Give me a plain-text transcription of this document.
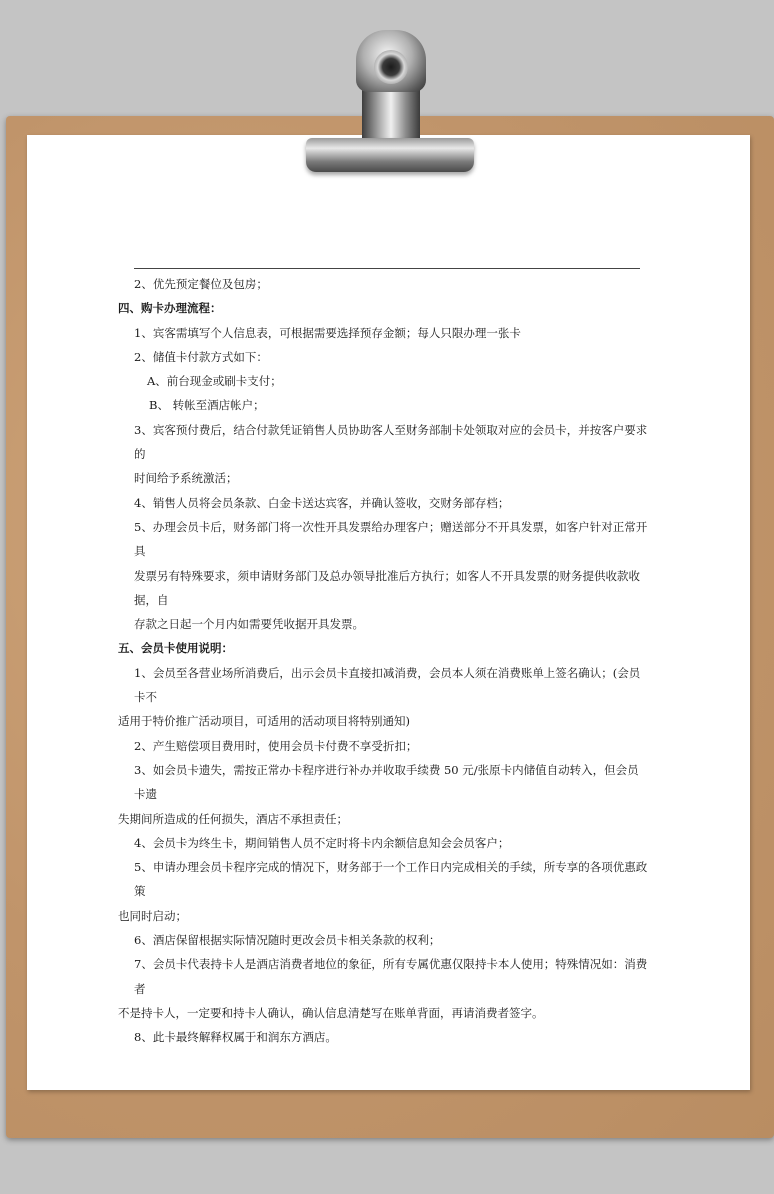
2、优先预定餐位及包房；

四、购卡办理流程：

1、宾客需填写个人信息表，可根据需要选择预存金额；每人只限办理一张卡

2、储值卡付款方式如下：

A、前台现金或刷卡支付；

B、 转帐至酒店帐户；

3、宾客预付费后，结合付款凭证销售人员协助客人至财务部制卡处领取对应的会员卡，并按客户要求的

时间给予系统激活；

4、销售人员将会员条款、白金卡送达宾客，并确认签收，交财务部存档；

5、办理会员卡后，财务部门将一次性开具发票给办理客户；赠送部分不开具发票，如客户针对正常开具

发票另有特殊要求，须申请财务部门及总办领导批准后方执行；如客人不开具发票的财务提供收款收据，自

存款之日起一个月内如需要凭收据开具发票。

五、会员卡使用说明：

1、会员至各营业场所消费后，出示会员卡直接扣减消费，会员本人须在消费账单上签名确认；(会员卡不

适用于特价推广活动项目，可适用的活动项目将特别通知)

2、产生赔偿项目费用时，使用会员卡付费不享受折扣；

3、如会员卡遗失，需按正常办卡程序进行补办并收取手续费 50 元/张原卡内储值自动转入，但会员卡遗

失期间所造成的任何损失，酒店不承担责任；

4、会员卡为终生卡，期间销售人员不定时将卡内余额信息知会会员客户；

5、申请办理会员卡程序完成的情况下，财务部于一个工作日内完成相关的手续，所专享的各项优惠政策

也同时启动；

6、酒店保留根据实际情况随时更改会员卡相关条款的权利；

7、会员卡代表持卡人是酒店消费者地位的象征，所有专属优惠仅限持卡本人使用；特殊情况如：消费者

不是持卡人，一定要和持卡人确认，确认信息清楚写在账单背面，再请消费者签字。

8、此卡最终解释权属于和润东方酒店。
